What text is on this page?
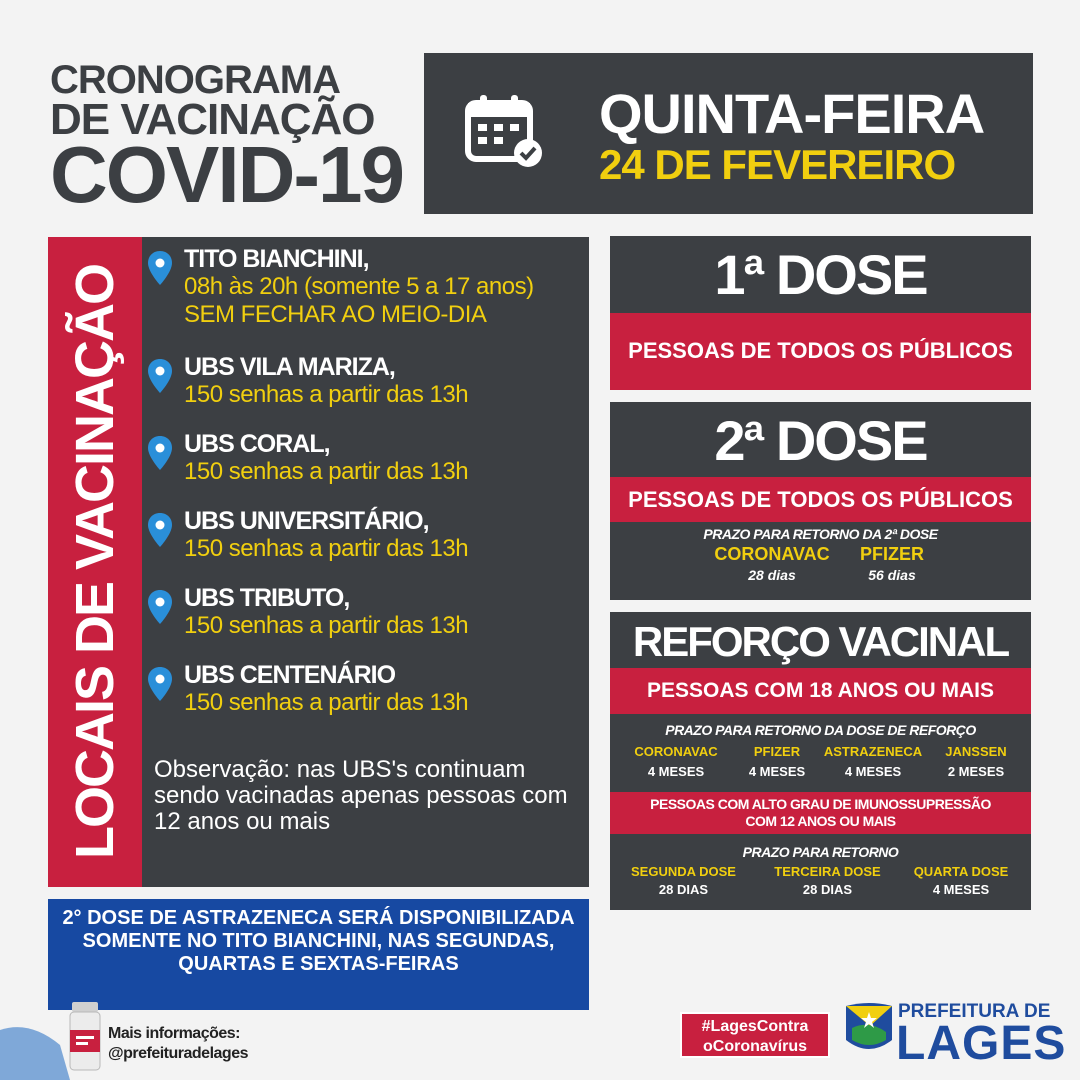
CRONOGRAMA
DE VACINAÇÃO
COVID-19
QUINTA-FEIRA
24 DE FEVEREIRO
LOCAIS DE VACINAÇÃO
TITO BIANCHINI,
08h às 20h (somente 5 a 17 anos)
SEM FECHAR AO MEIO-DIA
UBS VILA MARIZA,
150 senhas a partir das 13h
UBS CORAL,
150 senhas a partir das 13h
UBS UNIVERSITÁRIO,
150 senhas a partir das 13h
UBS TRIBUTO,
150 senhas a partir das 13h
UBS CENTENÁRIO
150 senhas a partir das 13h
Observação: nas UBS's continuam sendo vacinadas apenas pessoas com 12 anos ou mais
2° DOSE DE ASTRAZENECA SERÁ DISPONIBILIZADA SOMENTE NO TITO BIANCHINI, NAS SEGUNDAS, QUARTAS E SEXTAS-FEIRAS
1ª DOSE
PESSOAS DE TODOS OS PÚBLICOS
2ª DOSE
PESSOAS DE TODOS OS PÚBLICOS
PRAZO PARA RETORNO DA 2ª DOSE
CORONAVAC
28 dias
PFIZER
56 dias
REFORÇO VACINAL
PESSOAS COM 18 ANOS OU MAIS
PRAZO PARA RETORNO DA DOSE DE REFORÇO
CORONAVAC
4 MESES
PFIZER
4 MESES
ASTRAZENECA
4 MESES
JANSSEN
2 MESES
PESSOAS COM ALTO GRAU DE IMUNOSSUPRESSÃO
COM 12 ANOS OU MAIS
PRAZO PARA RETORNO
SEGUNDA DOSE
28 DIAS
TERCEIRA DOSE
28 DIAS
QUARTA DOSE
4 MESES
Mais informações:
@prefeituradelages
#LagesContra
oCoronavírus
PREFEITURA DE
LAGES
